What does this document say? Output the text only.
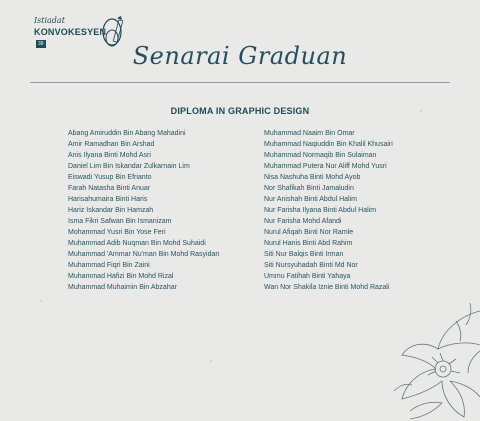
Istiadat
KONVOKESYEN
39	Senarai Graduan
DIPLOMA IN GRAPHIC DESIGN
Abang Amiruddin Bin Abang Mahadini
Amir Ramadhan Bin Arshad
Anis Ilyana Binti Mohd Asri
Daniel Lim Bin Iskandar Zulkarnain Lim
Eiswadi Yusup Bin Efrianto
Farah Natasha Binti Anuar
Harisahumaira Binti Haris
Hariz Iskandar Bin Hamzah
Isma Fikri Safwan Bin Ismanizam
Mohammad Yusri Bin Yose Feri
Muhammad Adib Nuqman Bin Mohd Suhaidi
Muhammad 'Ammar Nu'man Bin Mohd Rasyidan
Muhammad Fiqri Bin Zaini
Muhammad Hafizi Bin Mohd Rizal
Muhammad Muhaimin Bin Abzahar
Muhammad Naaim Bin Omar
Muhammad Naqiuddin Bin Khalil Khusairi
Muhammad Normaqib Bin Sulaiman
Muhammad Putera Nur Aliff Mohd Yusri
Nisa Nashuha Binti Mohd Ayob
Nor Shafikah Binti Jamaludin
Nur Anishah Binti Abdul Halim
Nur Farisha Ilyana Binti Abdul Halim
Nur Farisha Mohd Afandi
Nurul Afiqah Binti Nor Ramle
Nurul Hanis Binti Abd Rahim
Siti Nur Balqis Binti Irman
Siti Nursyuhadah Binti Md Nor
Ummu Fatihah Binti Yahaya
Wan Nor Shakila Iznie Binti Mohd Razali
